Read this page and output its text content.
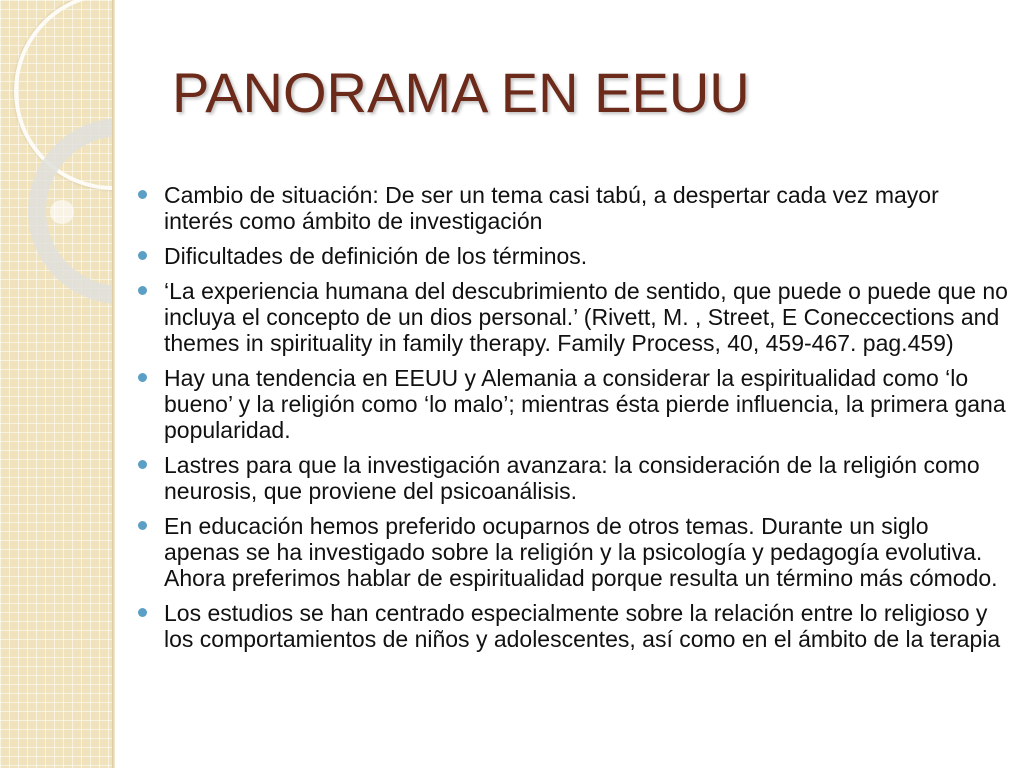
PANORAMA EN EEUU
Cambio de situación: De ser un tema casi tabú, a despertar cada vez mayor interés como ámbito de investigación
Dificultades de definición de los términos.
‘La experiencia humana del descubrimiento de sentido, que puede o puede que no incluya el concepto de un dios personal.’ (Rivett, M. , Street, E Coneccections and themes in spirituality in family therapy. Family Process, 40, 459-467. pag.459)
Hay una tendencia en EEUU y Alemania a considerar la espiritualidad como ‘lo bueno’ y la religión como ‘lo malo’; mientras ésta pierde influencia, la primera gana popularidad.
Lastres para que la investigación avanzara: la consideración de la religión como neurosis, que proviene del psicoanálisis.
En educación hemos preferido ocuparnos de otros temas. Durante un siglo apenas se ha investigado sobre la religión y la psicología y pedagogía evolutiva. Ahora preferimos hablar de espiritualidad porque resulta un término más cómodo.
Los estudios se han centrado especialmente sobre la relación entre lo religioso y los comportamientos de niños y adolescentes, así como en el ámbito de la terapia
